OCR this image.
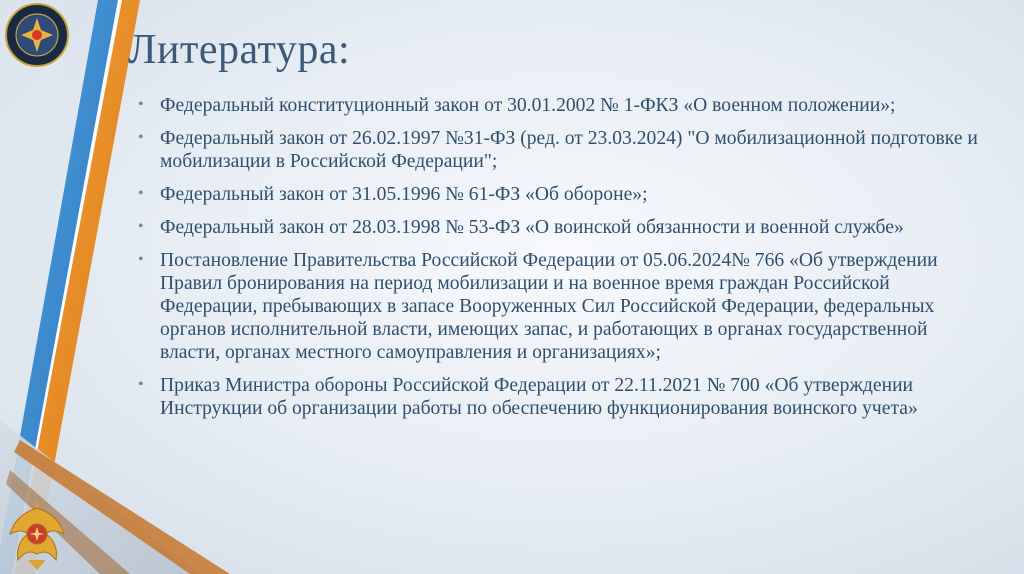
Литература:
• Федеральный конституционный закон от 30.01.2002 № 1-ФКЗ «О военном положении»;
• Федеральный закон от 26.02.1997 №31-ФЗ (ред. от 23.03.2024) "О мобилизационной подготовке и мобилизации в Российской Федерации";
• Федеральный закон от 31.05.1996 № 61-ФЗ «Об обороне»;
• Федеральный закон от 28.03.1998 № 53-ФЗ «О воинской обязанности и военной службе»
• Постановление Правительства Российской Федерации от 05.06.2024№ 766 «Об утверждении Правил бронирования на период мобилизации и на военное время граждан Российской Федерации, пребывающих в запасе Вооруженных Сил Российской Федерации, федеральных органов исполнительной власти, имеющих запас, и работающих в органах государственной власти, органах местного самоуправления и организациях»;
• Приказ Министра обороны Российской Федерации от 22.11.2021 № 700 «Об утверждении Инструкции об организации работы по обеспечению функционирования воинского учета»
